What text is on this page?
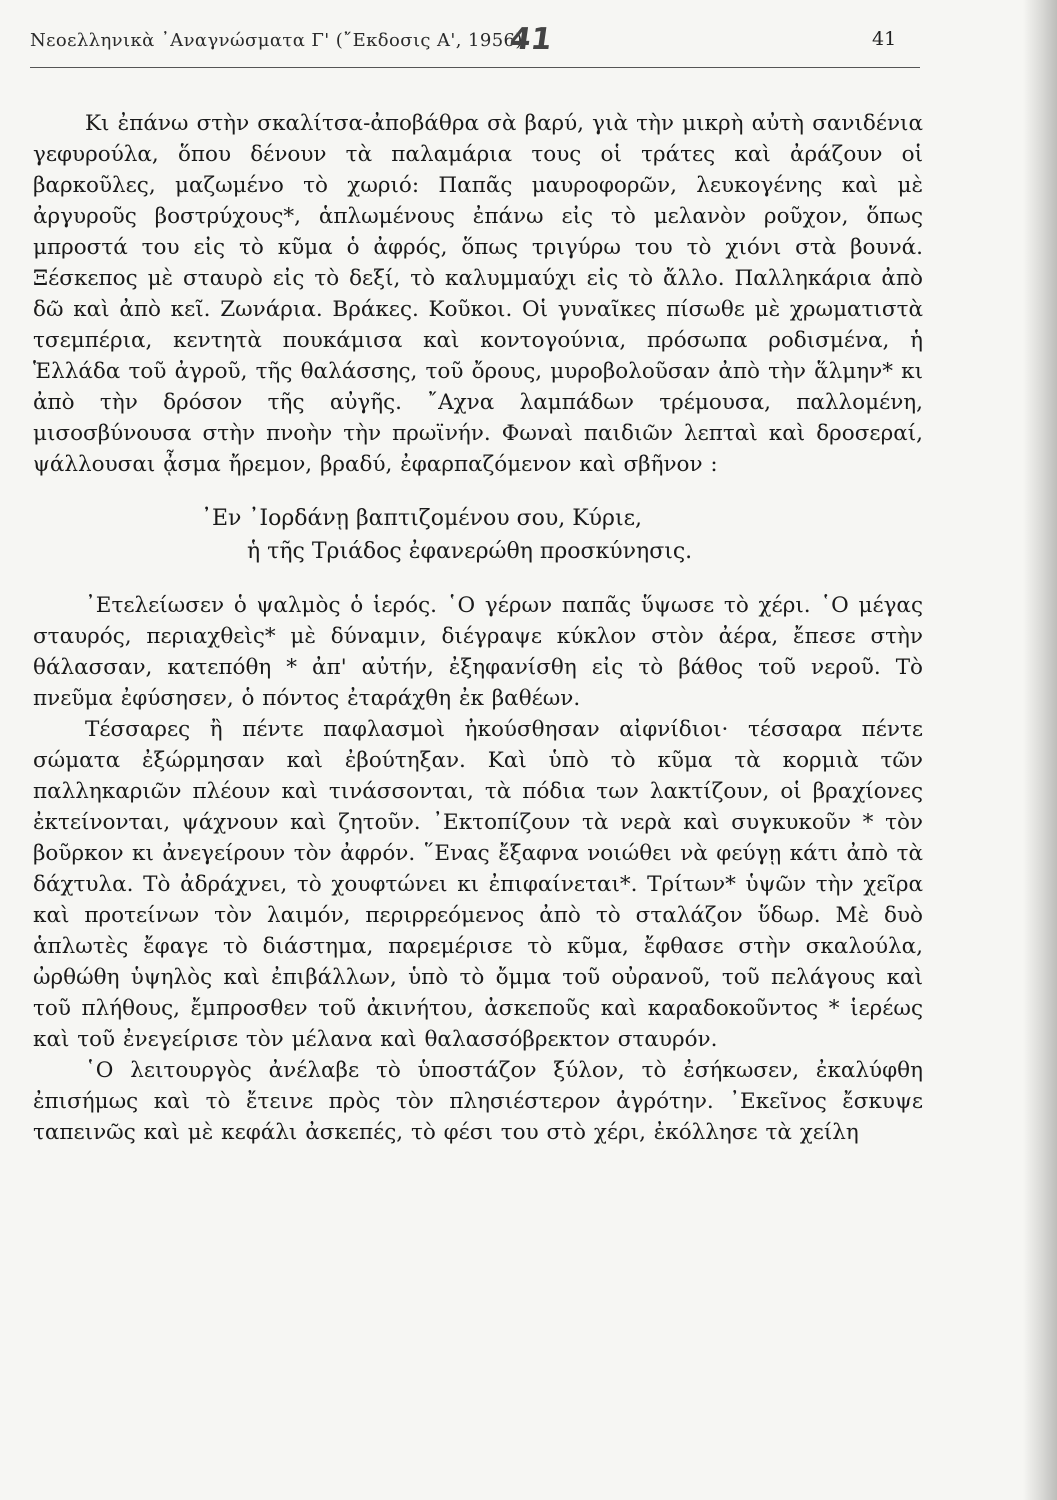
Νεοελληνικὰ ᾿Αναγνώσματα Γ' (῎Εκδοσις Α', 1956)
41	41

Κι ἐπάνω στὴν σκαλίτσα-ἀποβάθρα σὰ βαρύ, γιὰ τὴν μικρὴ αὐτὴ σανιδένια γεφυρούλα, ὅπου δένουν τὰ παλαμάρια τους οἱ τράτες καὶ ἀράζουν οἱ βαρκοῦλες, μαζωμένο τὸ χωριό: Παπᾶς μαυροφορῶν, λευκογένης καὶ μὲ ἀργυροῦς βοστρύχους*, ἁπλωμένους ἐπάνω εἰς τὸ μελανὸν ροῦχον, ὅπως μπροστά του εἰς τὸ κῦμα ὁ ἀφρός, ὅπως τριγύρω του τὸ χιόνι στὰ βουνά. Ξέσκεπος μὲ σταυρὸ εἰς τὸ δεξί, τὸ καλυμμαύχι εἰς τὸ ἄλλο. Παλληκάρια ἀπὸ δῶ καὶ ἀπὸ κεῖ. Ζωνάρια. Βράκες. Κοῦκοι. Οἱ γυναῖκες πίσωθε μὲ χρωματιστὰ τσεμπέρια, κεντητὰ πουκάμισα καὶ κοντογούνια, πρόσωπα ροδισμένα, ἡ Ἑλλάδα τοῦ ἀγροῦ, τῆς θαλάσσης, τοῦ ὄρους, μυροβολοῦσαν ἀπὸ τὴν ἅλμην* κι ἀπὸ τὴν δρόσον τῆς αὐγῆς. ῎Αχνα λαμπάδων τρέμουσα, παλλομένη, μισοσβύνουσα στὴν πνοὴν τὴν πρωϊνήν. Φωναὶ παιδιῶν λεπταὶ καὶ δροσεραί, ψάλλουσαι ᾆσμα ἤρεμον, βραδύ, ἐφαρπαζόμενον καὶ σβῆνον :

᾿Εν ᾿Ιορδάνῃ βαπτιζομένου σου, Κύριε,
ἡ τῆς Τριάδος ἐφανερώθη προσκύνησις.

᾿Ετελείωσεν ὁ ψαλμὸς ὁ ἱερός. ῾Ο γέρων παπᾶς ὕψωσε τὸ χέρι. ῾Ο μέγας σταυρός, περιαχθεὶς* μὲ δύναμιν, διέγραψε κύκλον στὸν ἀέρα, ἔπεσε στὴν θάλασσαν, κατεπόθη * ἀπ' αὐτήν, ἐξηφανίσθη εἰς τὸ βάθος τοῦ νεροῦ. Τὸ πνεῦμα ἐφύσησεν, ὁ πόντος ἐταράχθη ἐκ βαθέων.

Τέσσαρες ἢ πέντε παφλασμοὶ ἠκούσθησαν αἰφνίδιοι· τέσσαρα πέντε σώματα ἐξώρμησαν καὶ ἐβούτηξαν. Καὶ ὑπὸ τὸ κῦμα τὰ κορμιὰ τῶν παλληκαριῶν πλέουν καὶ τινάσσονται, τὰ πόδια των λακτίζουν, οἱ βραχίονες ἐκτείνονται, ψάχνουν καὶ ζητοῦν. ᾿Εκτοπίζουν τὰ νερὰ καὶ συγκυκοῦν * τὸν βοῦρκον κι ἀνεγείρουν τὸν ἀφρόν. ῞Ενας ἔξαφνα νοιώθει νὰ φεύγῃ κάτι ἀπὸ τὰ δάχτυλα. Τὸ ἀδράχνει, τὸ χουφτώνει κι ἐπιφαίνεται*. Τρίτων* ὑψῶν τὴν χεῖρα καὶ προτείνων τὸν λαιμόν, περιρρεόμενος ἀπὸ τὸ σταλάζον ὕδωρ. Μὲ δυὸ ἁπλωτὲς ἔφαγε τὸ διάστημα, παρεμέρισε τὸ κῦμα, ἔφθασε στὴν σκαλούλα, ὠρθώθη ὑψηλὸς καὶ ἐπιβάλλων, ὑπὸ τὸ ὄμμα τοῦ οὐρανοῦ, τοῦ πελάγους καὶ τοῦ πλήθους, ἔμπροσθεν τοῦ ἀκινήτου, ἀσκεποῦς καὶ καραδοκοῦντος * ἱερέως καὶ τοῦ ἐνεγείρισε τὸν μέλανα καὶ θαλασσόβρεκτον σταυρόν.

῾Ο λειτουργὸς ἀνέλαβε τὸ ὑποστάζον ξύλον, τὸ ἐσήκωσεν, ἐκαλύφθη ἐπισήμως καὶ τὸ ἔτεινε πρὸς τὸν πλησιέστερον ἀγρότην. ᾿Εκεῖνος ἔσκυψε ταπεινῶς καὶ μὲ κεφάλι ἀσκεπές, τὸ φέσι του στὸ χέρι, ἐκόλλησε τὰ χείλη
